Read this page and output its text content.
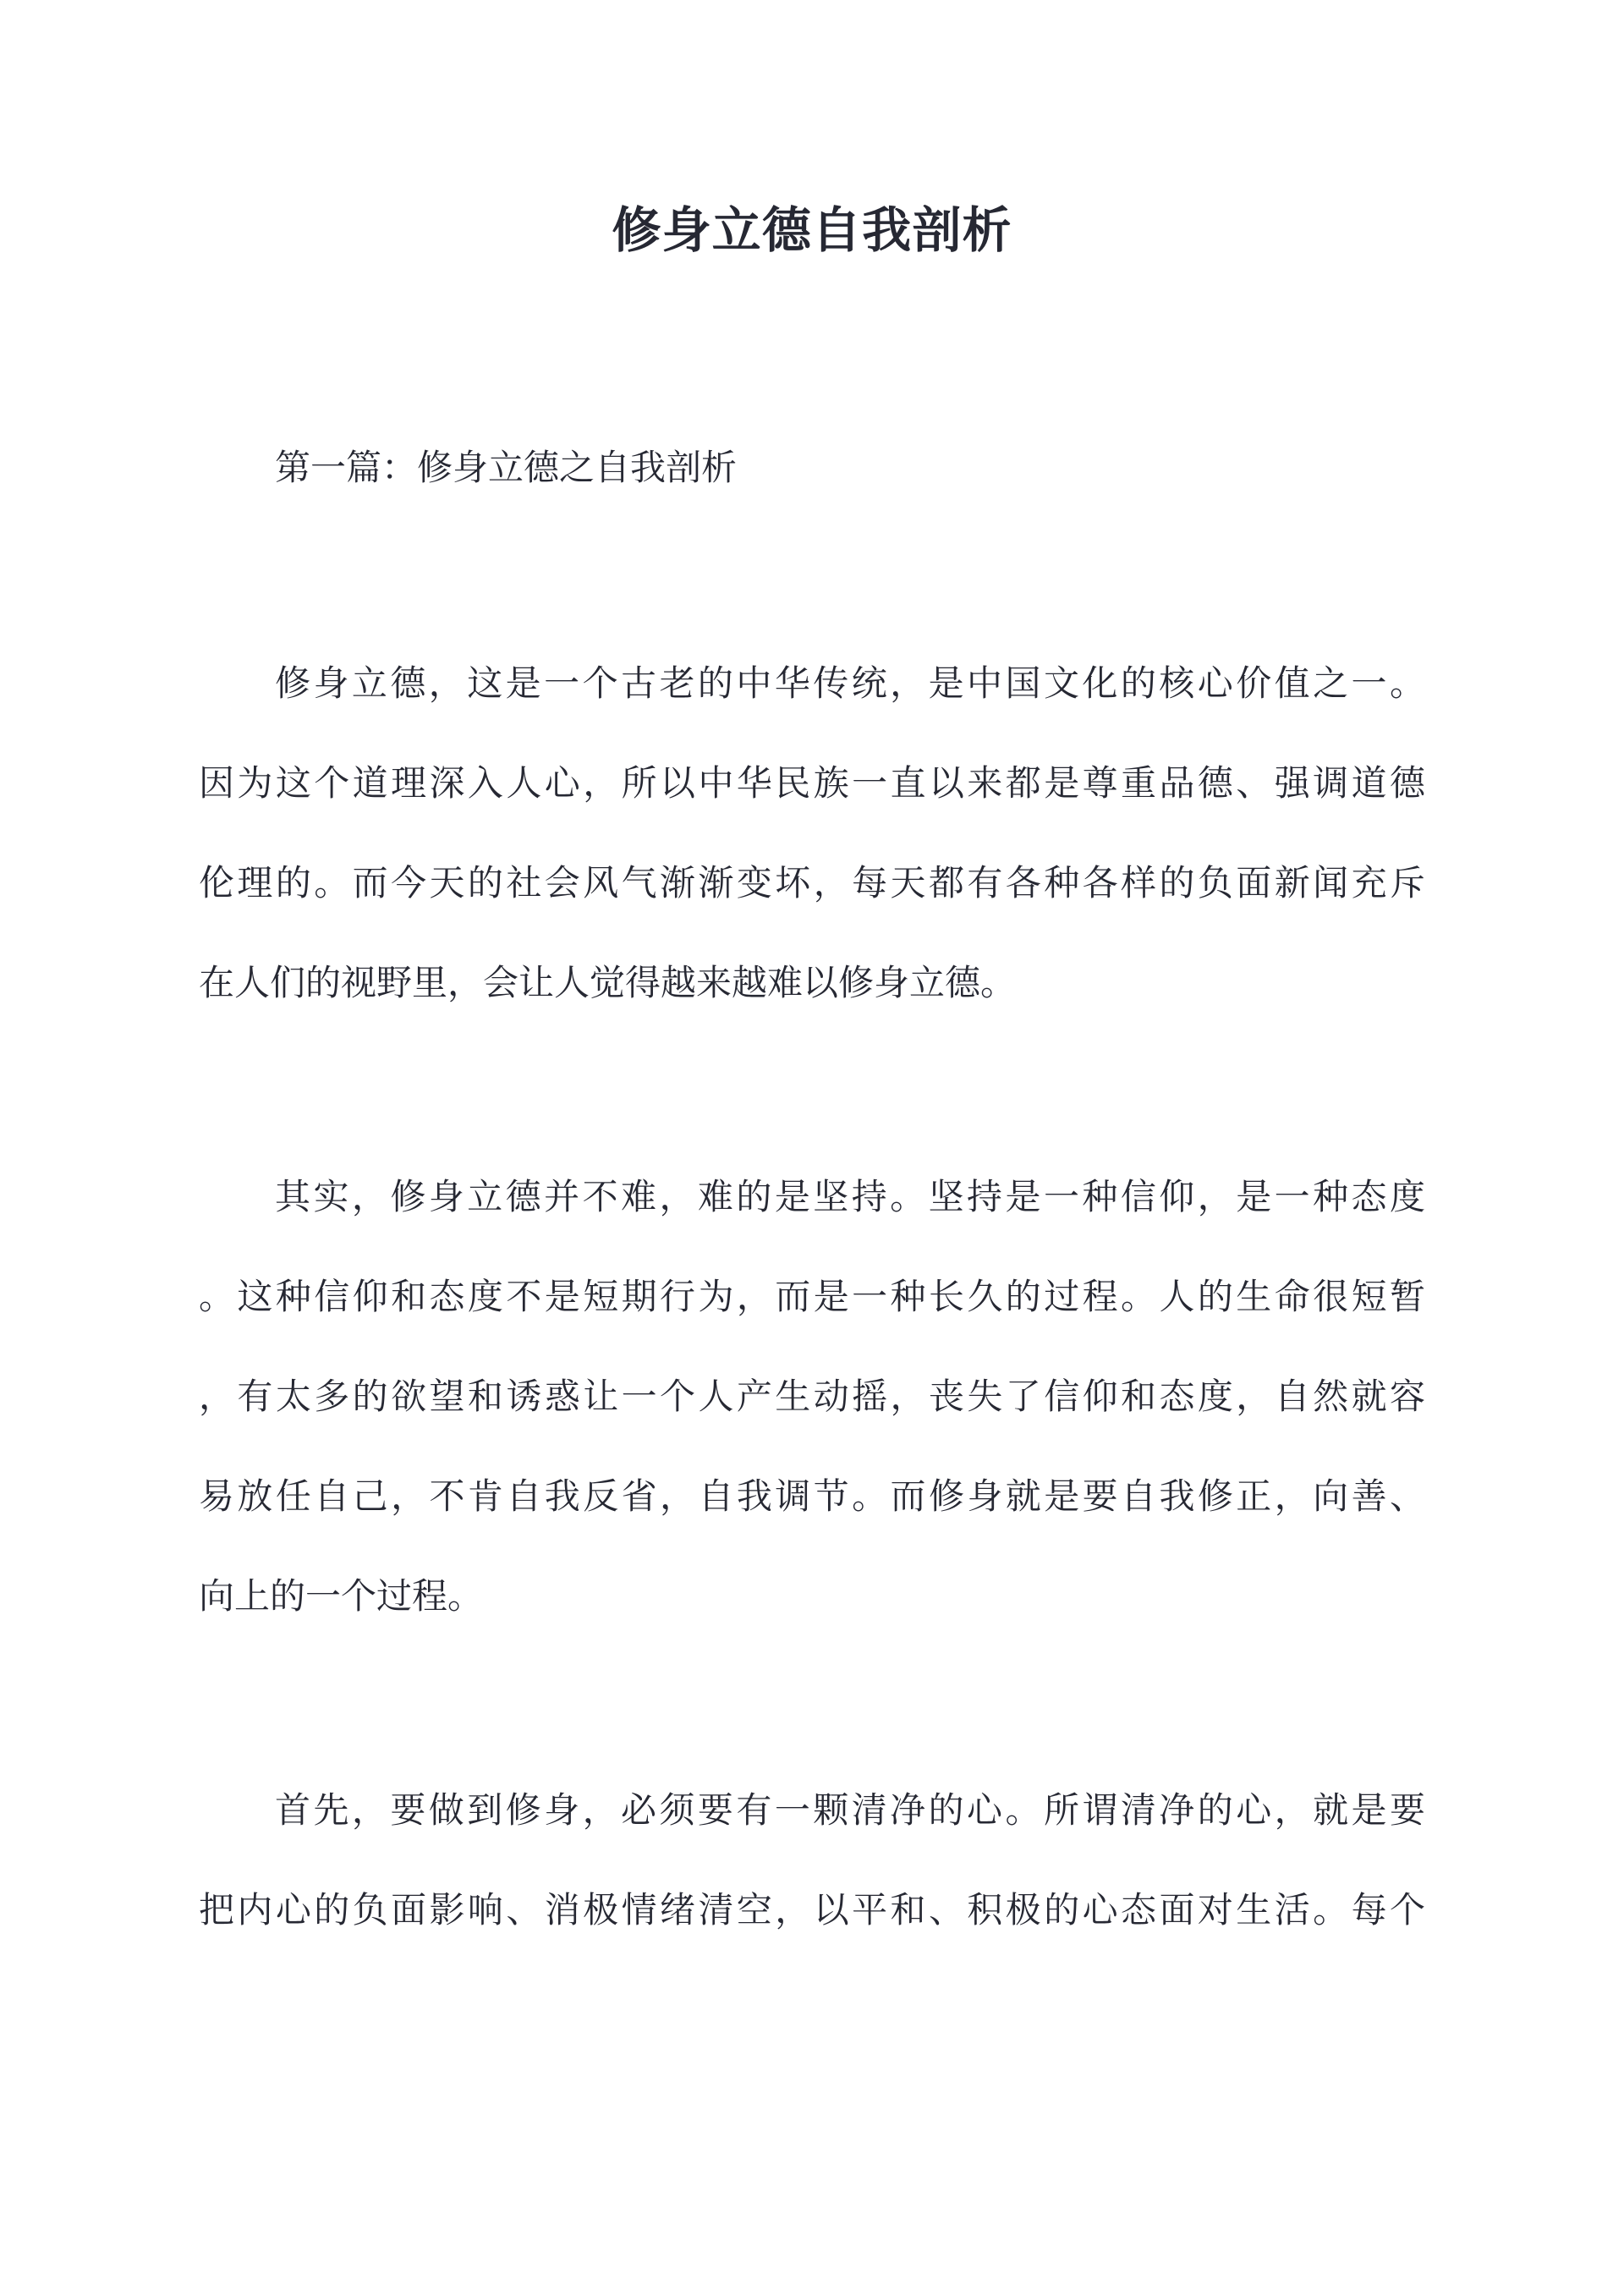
修身立德自我剖析

第一篇：修身立德之自我剖析

修身立德，这是一个古老的中华传统，是中国文化的核心价值之一。
因为这个道理深入人心，所以中华民族一直以来都是尊重品德、强调道德
伦理的。而今天的社会风气渐渐变坏，每天都有各种各样的负面新闻充斥
在人们的视野里，会让人觉得越来越难以修身立德。

其实，修身立德并不难，难的是坚持。坚持是一种信仰，是一种态度
。这种信仰和态度不是短期行为，而是一种长久的过程。人的生命很短暂
，有太多的欲望和诱惑让一个人产生动摇，丧失了信仰和态度，自然就容
易放任自己，不肯自我反省，自我调节。而修身就是要自我修正，向善、
向上的一个过程。

首先，要做到修身，必须要有一颗清净的心。所谓清净的心，就是要
把内心的负面影响、消极情绪清空，以平和、积极的心态面对生活。每个
